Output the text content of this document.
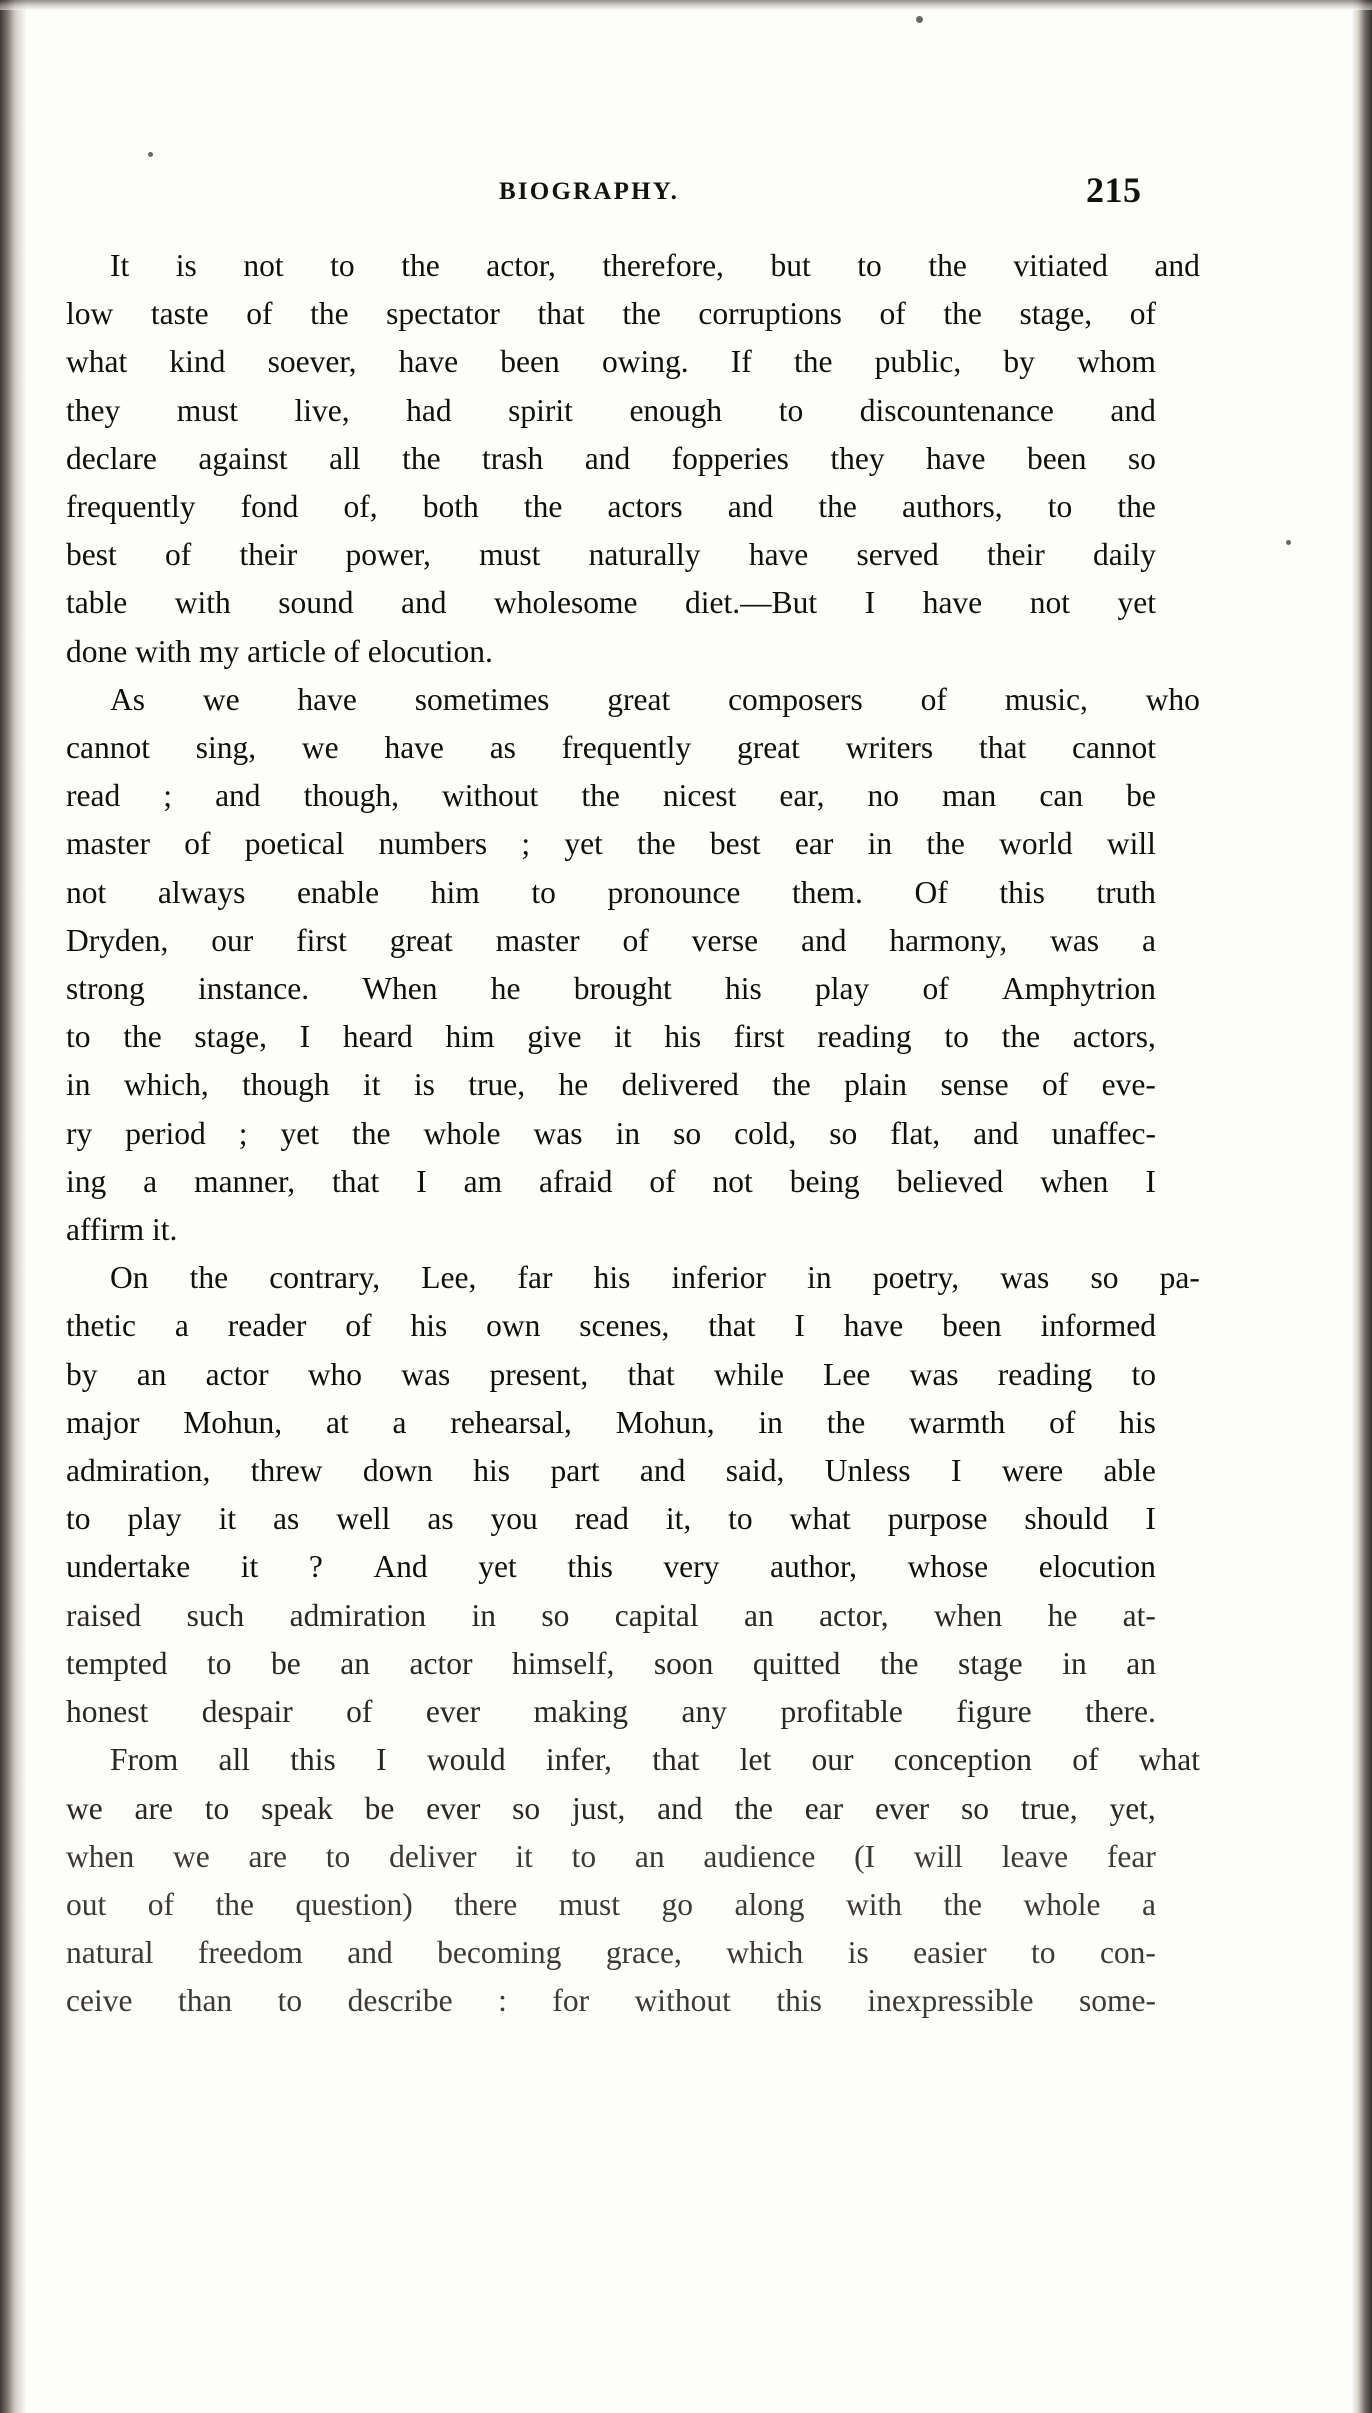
BIOGRAPHY.	215
It is not to the actor, therefore, but to the vitiated and
low taste of the spectator that the corruptions of the stage, of
what kind soever, have been owing. If the public, by whom
they must live, had spirit enough to discountenance and
declare against all the trash and fopperies they have been so
frequently fond of, both the actors and the authors, to the
best of their power, must naturally have served their daily
table with sound and wholesome diet.—But I have not yet
done with my article of elocution.
As we have sometimes great composers of music, who
cannot sing, we have as frequently great writers that cannot
read ; and though, without the nicest ear, no man can be
master of poetical numbers ; yet the best ear in the world will
not always enable him to pronounce them. Of this truth
Dryden, our first great master of verse and harmony, was a
strong instance. When he brought his play of Amphytrion
to the stage, I heard him give it his first reading to the actors,
in which, though it is true, he delivered the plain sense of eve-
ry period ; yet the whole was in so cold, so flat, and unaffec-
ing a manner, that I am afraid of not being believed when I
affirm it.
On the contrary, Lee, far his inferior in poetry, was so pa-
thetic a reader of his own scenes, that I have been informed
by an actor who was present, that while Lee was reading to
major Mohun, at a rehearsal, Mohun, in the warmth of his
admiration, threw down his part and said, Unless I were able
to play it as well as you read it, to what purpose should I
undertake it ? And yet this very author, whose elocution
raised such admiration in so capital an actor, when he at-
tempted to be an actor himself, soon quitted the stage in an
honest despair of ever making any profitable figure there.
From all this I would infer, that let our conception of what
we are to speak be ever so just, and the ear ever so true, yet,
when we are to deliver it to an audience (I will leave fear
out of the question) there must go along with the whole a
natural freedom and becoming grace, which is easier to con-
ceive than to describe : for without this inexpressible some-
